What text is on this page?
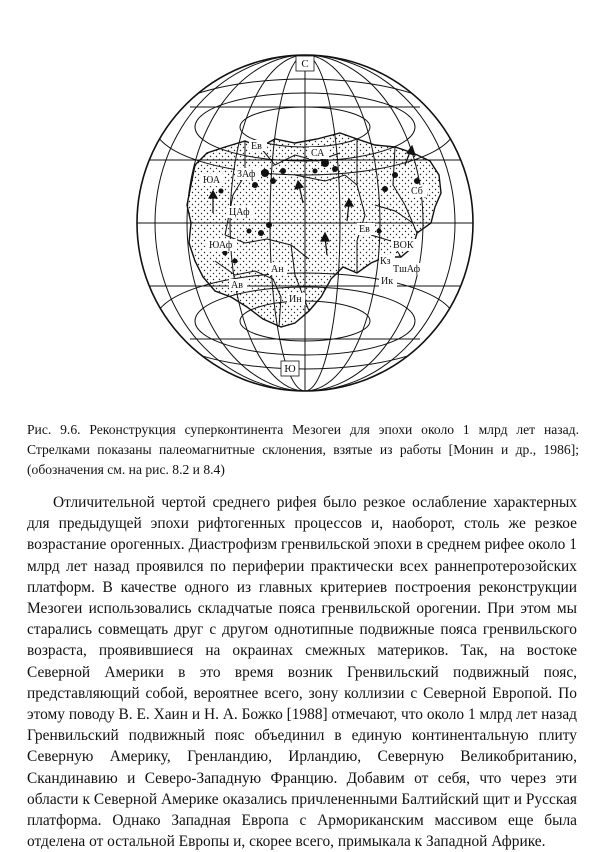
С
Ю
ЮА
Ев
ЗАф
СА
Сб
ЦАф
ЮАф
Ев
Ав
Ан
Ин
ВОК
Кз
ТшАф
Ик

Рис. 9.6. Реконструкция суперконтинента Мезогеи для эпохи около 1 млрд лет назад. Стрелками показаны палеомагнитные склонения, взятые из работы [Монин и др., 1986]; (обозначения см. на рис. 8.2 и 8.4)

Отличительной чертой среднего рифея было резкое ослабление характерных для предыдущей эпохи рифтогенных процессов и, наоборот, столь же резкое возрастание орогенных. Диастрофизм гренвильской эпохи в среднем рифее около 1 млрд лет назад проявился по периферии практически всех раннепротерозойских платформ. В качестве одного из главных критериев построения реконструкции Мезогеи использовались складчатые пояса гренвильской орогении. При этом мы старались совмещать друг с другом однотипные подвижные пояса гренвильского возраста, проявившиеся на окраинах смежных материков. Так, на востоке Северной Америки в это время возник Гренвильский подвижный пояс, представляющий собой, вероятнее всего, зону коллизии с Северной Европой. По этому поводу В. Е. Хаин и Н. А. Божко [1988] отмечают, что около 1 млрд лет назад Гренвильский подвижный пояс объединил в единую континентальную плиту Северную Америку, Гренландию, Ирландию, Северную Великобританию, Скандинавию и Северо-Западную Францию. Добавим от себя, что через эти области к Северной Америке оказались причлененными Балтийский щит и Русская платформа. Однако Западная Европа с Армориканским массивом еще была отделена от остальной Европы и, скорее всего, примыкала к Западной Африке.
